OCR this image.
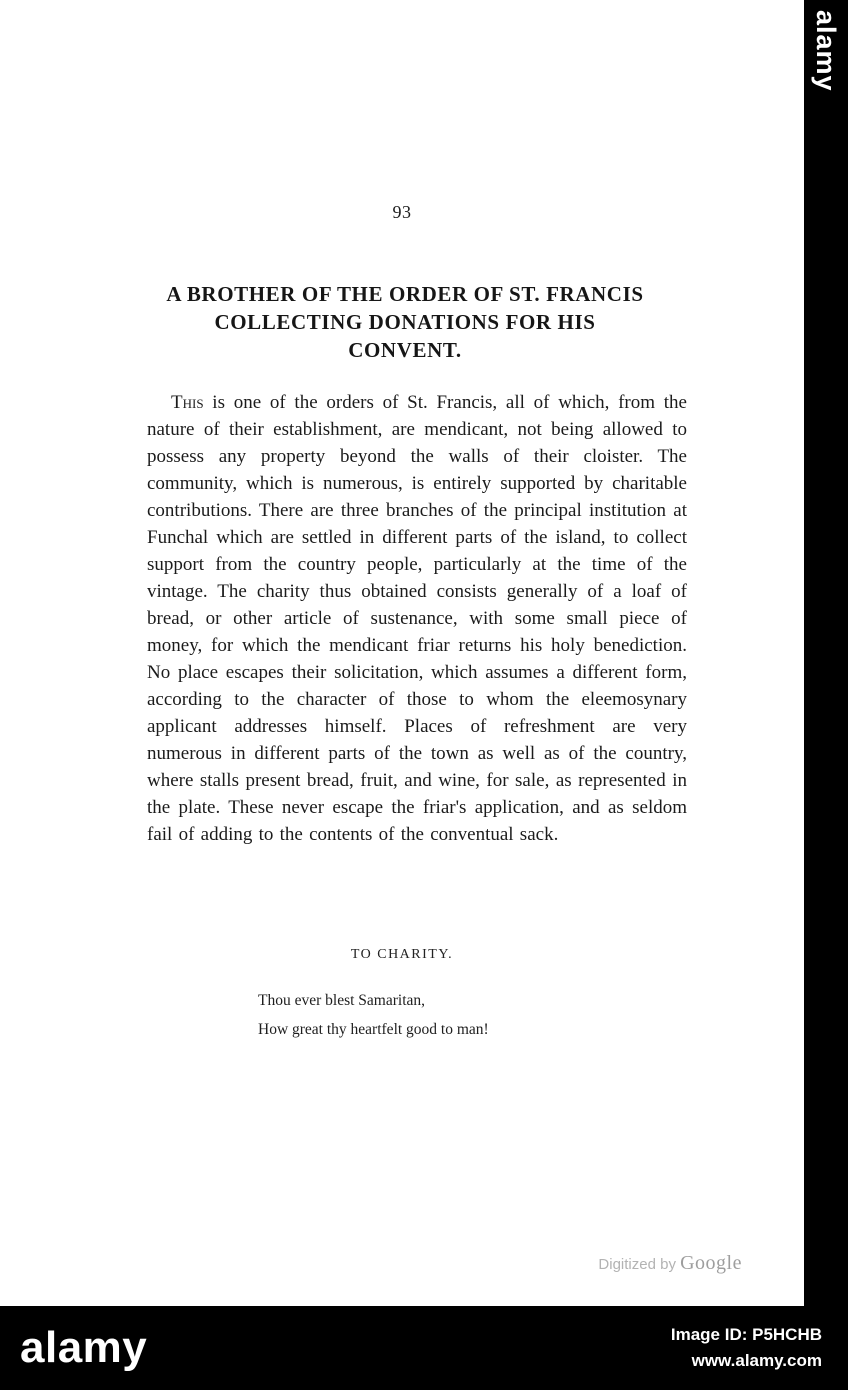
93
A BROTHER OF THE ORDER OF ST. FRANCIS
COLLECTING DONATIONS FOR HIS
CONVENT.

This is one of the orders of St. Francis, all of which, from the nature of their establishment, are mendicant, not being allowed to possess any property beyond the walls of their cloister. The community, which is numerous, is entirely supported by charitable contributions. There are three branches of the principal institution at Funchal which are settled in different parts of the island, to collect support from the country people, particularly at the time of the vintage. The charity thus obtained consists generally of a loaf of bread, or other article of sustenance, with some small piece of money, for which the mendicant friar returns his holy benediction. No place escapes their solicitation, which assumes a different form, according to the character of those to whom the eleemosynary applicant addresses himself. Places of refreshment are very numerous in different parts of the town as well as of the country, where stalls present bread, fruit, and wine, for sale, as represented in the plate. These never escape the friar's application, and as seldom fail of adding to the contents of the conventual sack.

TO CHARITY.
Thou ever blest Samaritan,
How great thy heartfelt good to man!
Digitized by Google
alamy
alamy	Image ID: P5HCHB
www.alamy.com
